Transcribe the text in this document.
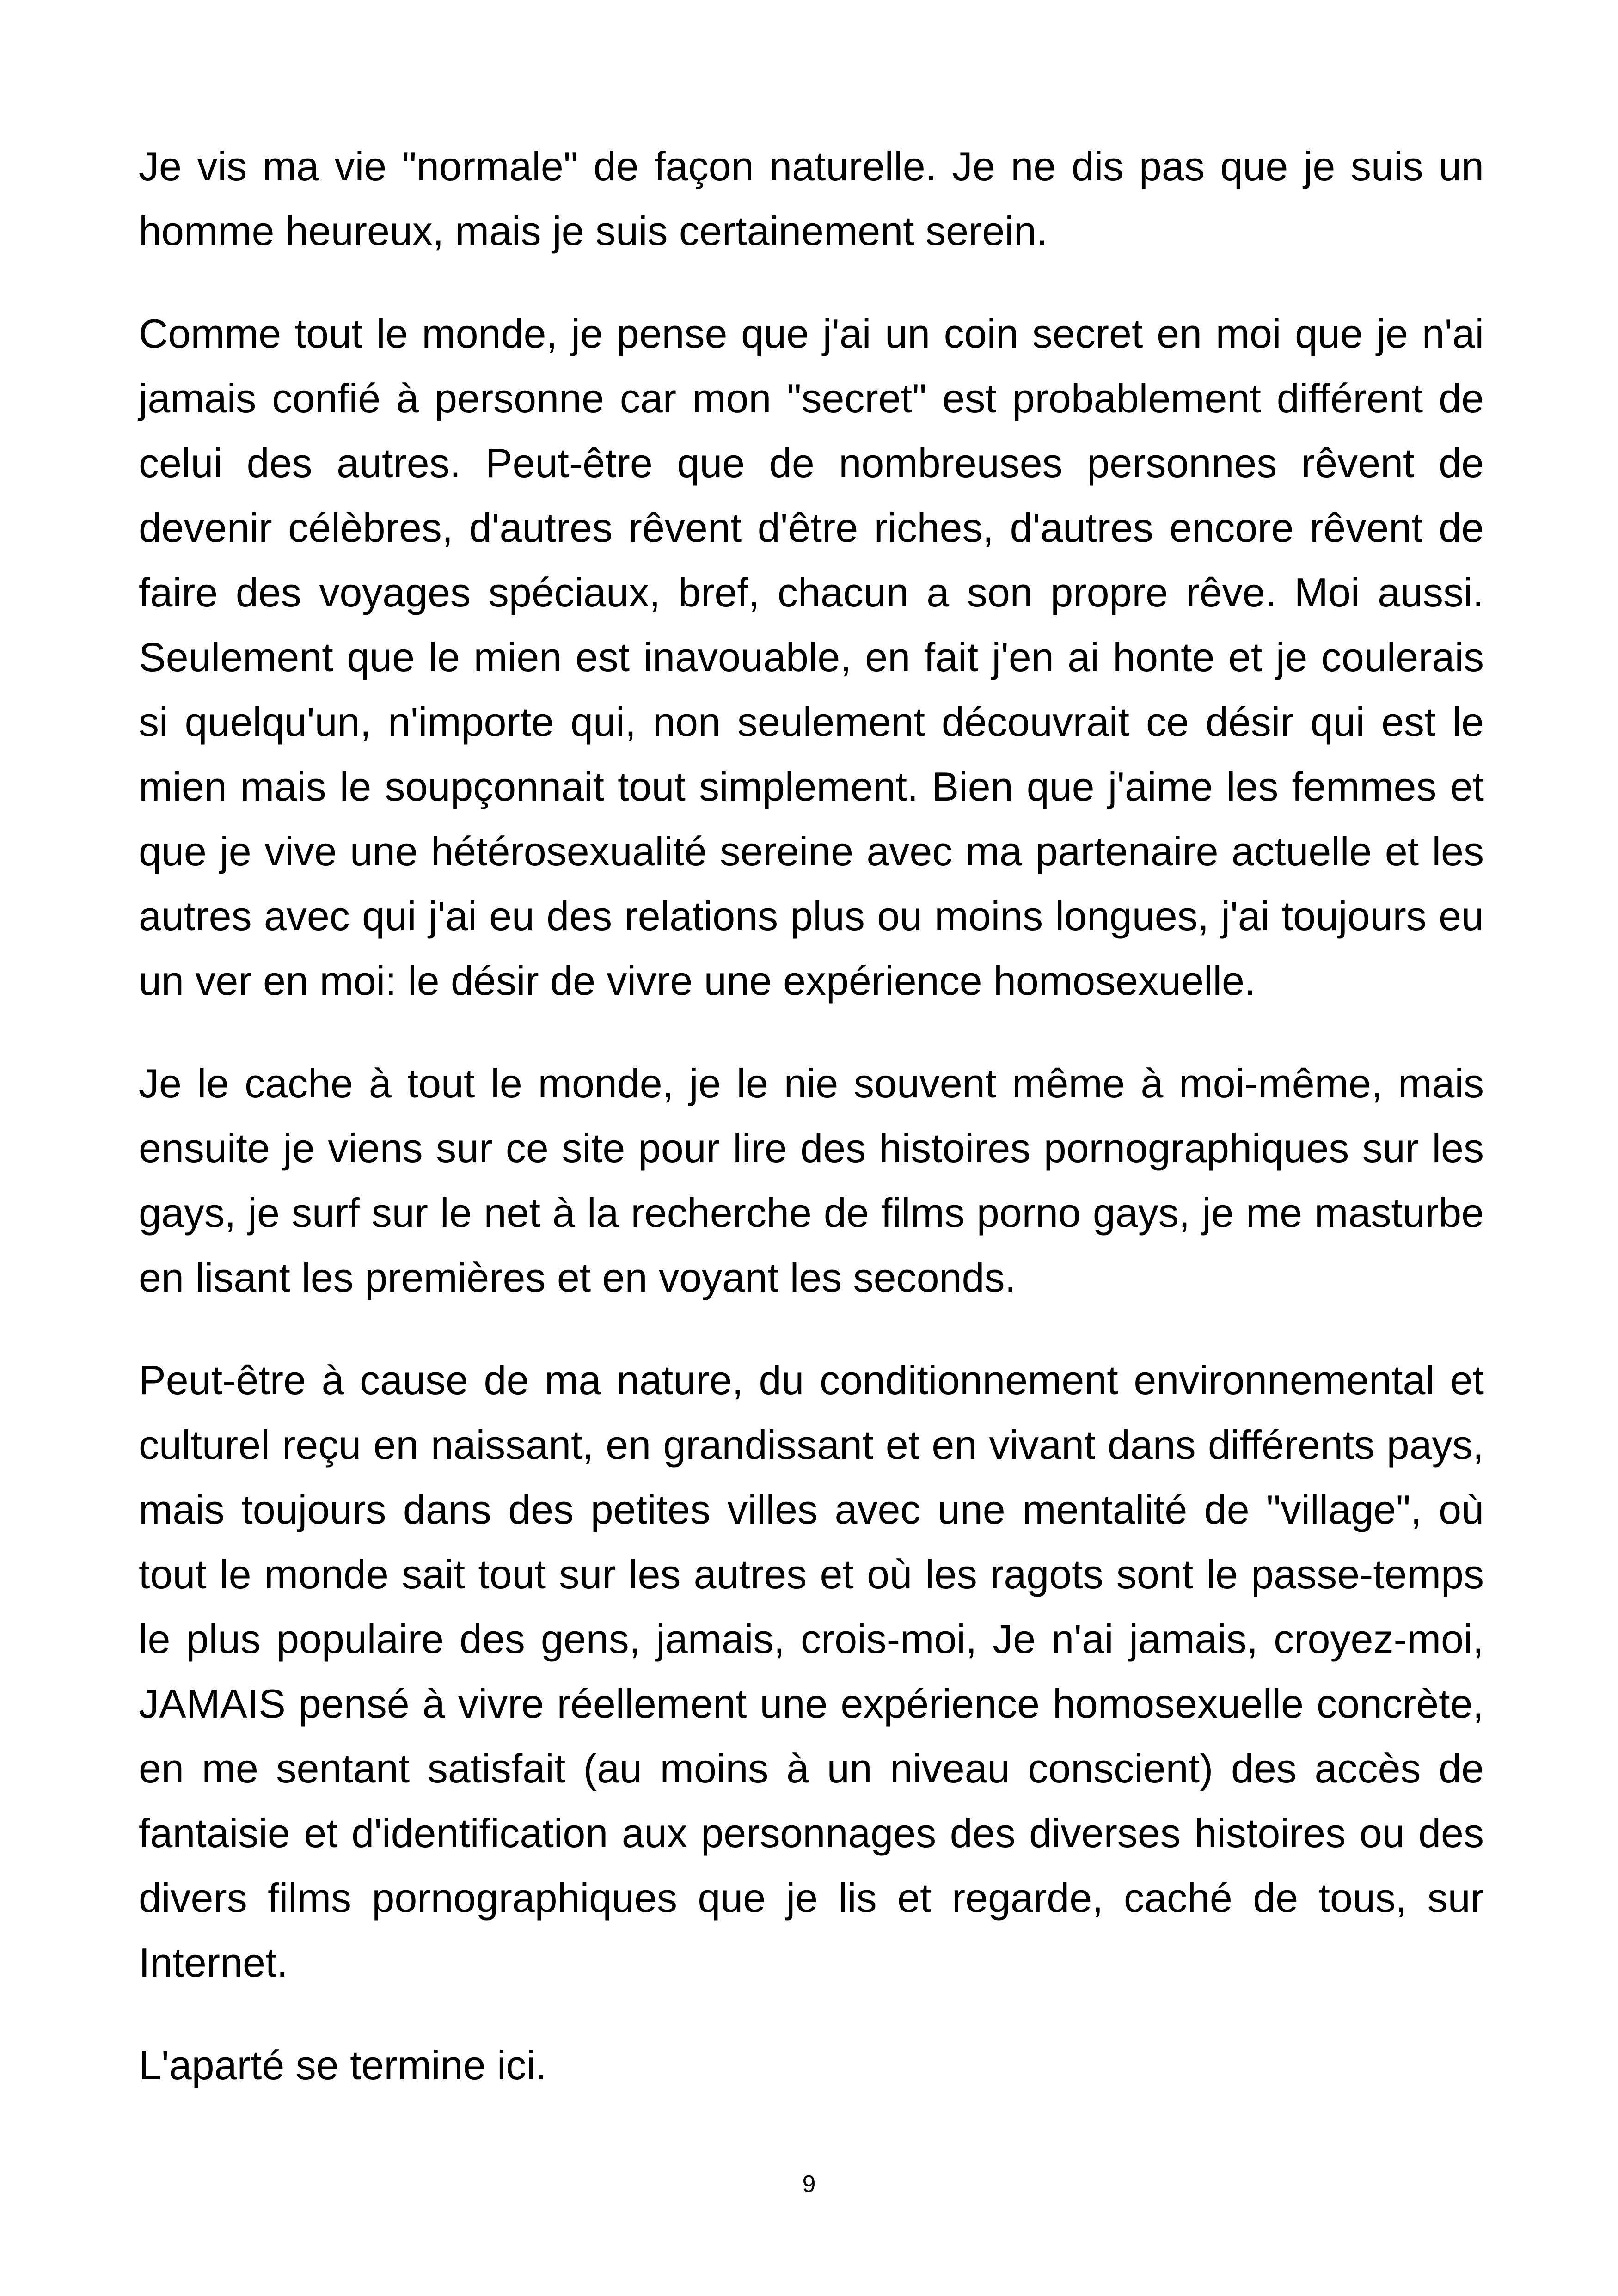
Je vis ma vie "normale" de façon naturelle. Je ne dis pas que je suis un homme heureux, mais je suis certainement serein.

Comme tout le monde, je pense que j'ai un coin secret en moi que je n'ai jamais confié à personne car mon "secret" est probablement différent de celui des autres. Peut-être que de nombreuses personnes rêvent de devenir célèbres, d'autres rêvent d'être riches, d'autres encore rêvent de faire des voyages spéciaux, bref, chacun a son propre rêve. Moi aussi. Seulement que le mien est inavouable, en fait j'en ai honte et je coulerais si quelqu'un, n'importe qui, non seulement découvrait ce désir qui est le mien mais le soupçonnait tout simplement. Bien que j'aime les femmes et que je vive une hétérosexualité sereine avec ma partenaire actuelle et les autres avec qui j'ai eu des relations plus ou moins longues, j'ai toujours eu un ver en moi: le désir de vivre une expérience homosexuelle.

Je le cache à tout le monde, je le nie souvent même à moi-même, mais ensuite je viens sur ce site pour lire des histoires pornographiques sur les gays, je surf sur le net à la recherche de films porno gays, je me masturbe en lisant les premières et en voyant les seconds.

Peut-être à cause de ma nature, du conditionnement environnemental et culturel reçu en naissant, en grandissant et en vivant dans différents pays, mais toujours dans des petites villes avec une mentalité de "village", où tout le monde sait tout sur les autres et où les ragots sont le passe-temps le plus populaire des gens, jamais, crois-moi, Je n'ai jamais, croyez-moi, JAMAIS pensé à vivre réellement une expérience homosexuelle concrète, en me sentant satisfait (au moins à un niveau conscient) des accès de fantaisie et d'identification aux personnages des diverses histoires ou des divers films pornographiques que je lis et regarde, caché de tous, sur Internet.

L'aparté se termine ici.

9
